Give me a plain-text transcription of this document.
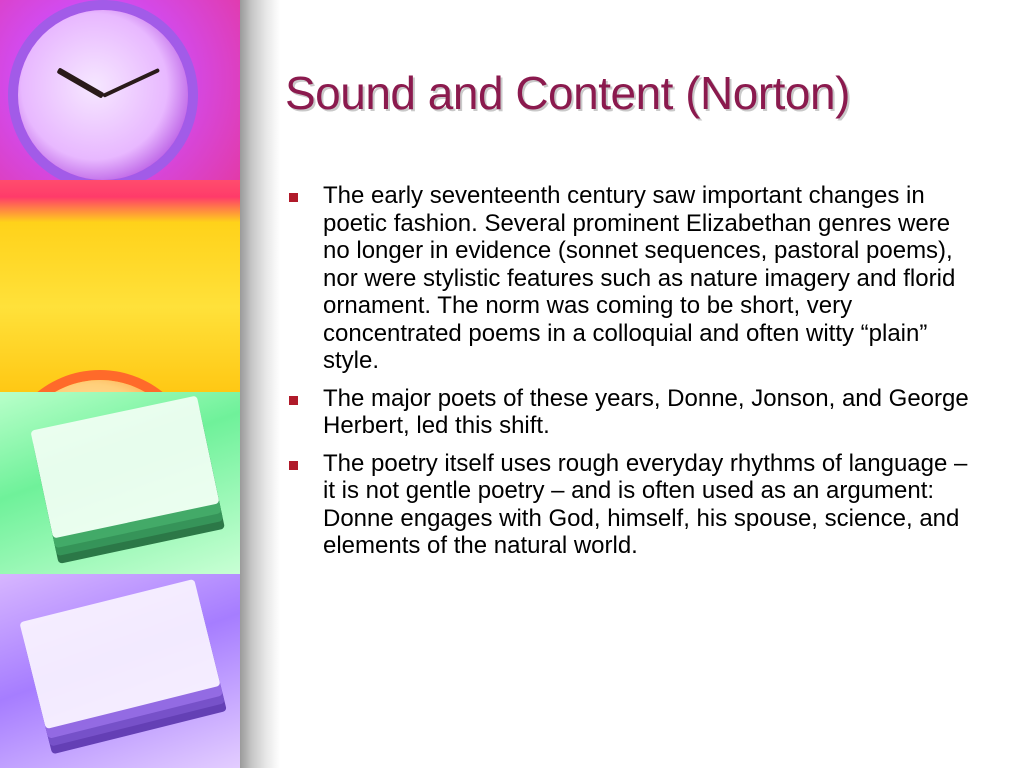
Sound and Content (Norton)
The early seventeenth century saw important changes in poetic fashion. Several prominent Elizabethan genres were no longer in evidence (sonnet sequences, pastoral poems), nor were stylistic features such as nature imagery and florid ornament. The norm was coming to be short, very concentrated poems in a colloquial and often witty “plain” style.
The major poets of these years, Donne, Jonson, and George Herbert, led this shift.
The poetry itself uses rough everyday rhythms of language – it is not gentle poetry – and is often used as an argument: Donne engages with God, himself, his spouse, science, and elements of the natural world.
